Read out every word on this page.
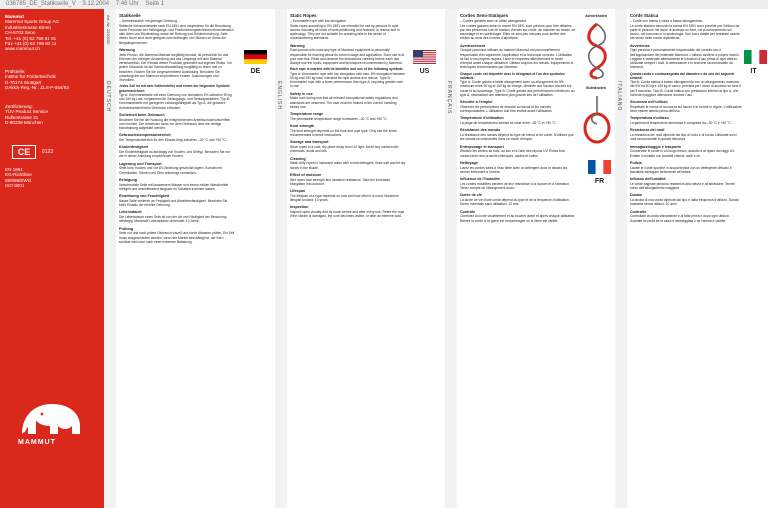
036785_DE_Statikseile_V    3.12.2004    7:46 Uhr    Seite 1
Mammut
Mammut Sports Group AG
Industriestrasse Birren
CH-5703 Seon
Tel. +41 (0) 62 769 81 81
Fax +41 (0) 62 769 83 11
www.mammut.ch
Prüfstelle:
Institut für Förderttechnik
D-70174 Stuttgart
DAkkS-Reg.-Nr.: ZLS-P-054/93
Zertifizierung:
TÜV Product Service
Ridlerstrasse 31
D-80339 München
CE	0123
EN 1891
EG-Richtlinie
89/686/EWG
ISO 9001
MAMMUT
Art.-Nr. 2220000
DEUTSCH	ENGLISH	FRANÇAIS	ITALIANO
Statikseile

– Gemeinfasslich mit geringer Dehnung

Statische Kernmantelseile nach EN 1891 sind vorgesehen für die Benutzung durch Personen bei Seilzugangs- und Positionierungstechniken einschliesslich aller Arten von Rückhaltung sowie bei Rettung und Höhlenforschung. Seile dieser Norm sind nicht geeignet zum Auffangen von Stürzen im Sinne der Bergsteigernormen.

Warnung

Jede Person, die Mammut Material sorgfältig benutzt, ist persönlich für das Erlernen der richtigen Anwendung und des Umgangs mit dem Material verantwortlich. Der Einsatz dieser Produkte geschieht auf eigenes Risiko. Vor jedem Gebrauch ist die Gebrauchsanleitung sorgfältig zu lesen und zu beachten. Nutzen Sie die vorgeschriebene Ausbildung. Benutzen Sie unbedingt die von Mammut empfohlenen Knoten, Ausrüstungen und Techniken.

Jedes Seil ist mit dem Seilhersteller und einem der folgenden Symbole gekennzeichnet:

Typ A: Kernmantelseile mit einer Dehnung von höchstens 5% zwischen 50 kg und 150 kg Last, vorgesehen für Seilzugangs- und Rettungsarbeiten. Typ B: Kernmantelseile mit geringerer Leistungsfähigkeit als Typ A, die grössere Aufmerksamkeit beim Gebrauch erfordern.

Sicherheit beim Gebrauch

Beachten Sie bei der Nutzung die entsprechenden Arbeitsschutzvorschriften und Normen. Der Anwender muss vor dem Gebrauch über die richtige Handhabung aufgeklärt werden.

Gebrauchstemperaturbereich

Der Temperaturbereich für den Einsatz liegt zwischen –30 °C und +50 °C.

Knotenfestigkeit

Die Knotenfestigkeit ist abhängig von Knoten- und Seiltyp. Benutzen Sie nur die in dieser Anleitung empfohlenen Knoten.

Lagerung und Transport

Seile kühl, trocken und vor UV-Strahlung geschützt lagern. Kontakt mit Chemikalien, Säuren und Ölen unbedingt vermeiden.

Reinigung

Verschmutzte Seile mit lauwarmem Wasser und einem milden Waschmittel reinigen und anschliessend langsam im Schatten trocknen lassen.

Einwirkung von Feuchtigkeit

Nasse Seile verlieren an Festigkeit und Abriebbeständigkeit. Beachten Sie beim Einsatz die erhöhte Dehnung.

Lebensdauer

Die Lebensdauer eines Seils ist von der Art und Häufigkeit der Benutzung abhängig. Maximale Lebensdauer unbenutzt: 10 Jahre.

Prüfung

Seile vor und nach jedem Gebrauch visuell und durch Abtasten prüfen. Ein Seil muss ausgeschieden werden, wenn der Mantel beschädigt ist, der Kern sichtbar wird oder nach einer extremen Belastung.

DE
Static Ropes

– Kernmantel rope with low elongation

Static ropes according to EN 1891 are intended for use by persons in rope access including all kinds of work positioning and restraint, in rescue and in speleology. They are not suitable for arresting falls in the sense of mountaineering standards.

Warning

Each person who uses any type of Mammut equipment is personally responsible for learning about its correct usage and application. Such use is at your own risk. Read and observe the instructions carefully before each use. Always use the knots, equipment and techniques recommended by Mammut.

Each rope is marked with its Identifier and one of the following symbols:

Type A: Kernmantel rope with low elongation with max. 5% elongation between 50 kg and 150 kg load, intended for rope access and rescue. Type B: Kernmantel rope with a lower performance than type A, requiring greater care in use.

Safety in use

Make sure during use that all relevant occupational safety regulations and standards are observed. The user must be trained in the correct handling before use.

Temperature range

The permissible temperature range is between –30 °C and +50 °C.

Knot strength

The knot strength depends on the knot and rope type. Only use the knots recommended in these instructions.

Storage and transport

Store ropes in a cool, dry place away from UV light. Avoid any contact with chemicals, acids and oils.

Cleaning

Wash dirty ropes in lukewarm water with a mild detergent, rinse well and let dry slowly in the shade.

Effect of moisture

Wet ropes lose strength and abrasion resistance. Take the increased elongation into account.

Lifespan

The lifespan of a rope depends on how and how often it is used. Maximum lifespan unused: 10 years.

Inspection

Inspect ropes visually and by touch before and after every use. Retire the rope if the sheath is damaged, the core becomes visible, or after an extreme load.

US
Cordes Semi-Statiques

– Cordes gainées avec un faible allongement

Les cordes gainées selon la norme EN 1891 sont prévues pour être utilisées par des personnes lors de travaux d'accès sur corde, de maintien au travail, de sauvetage et en spéléologie. Elles ne sont pas conçues pour arrêter des chutes au sens des normes d'alpinisme.

Avertissement

Chaque personne utilisant du matériel Mammut est personnellement responsable d'en apprendre l'application et la technique correcte. L'utilisation se fait à vos propres risques. Lisez et respectez attentivement le mode d'emploi avant chaque utilisation. Utilisez toujours les nœuds, équipements et techniques recommandés par Mammut.

Chaque corde est étiquetée avec le désignant et l'un des symboles suivants:

Type A: Corde gainée à faible allongement avec un allongement de 5% maximum entre 50 kg et 150 kg de charge, destinée aux travaux d'accès sur corde et au sauvetage. Type B: Corde gainée aux performances inférieures au type A, nécessitant une attention plus grande lors de l'utilisation.

Sécurité à l'emploi

Observez les prescriptions de sécurité au travail et les normes correspondantes. L'utilisateur doit être instruit avant l'utilisation.

Température d'utilisation

La plage de températures admise se situe entre –30 °C et +50 °C.

Résistance des nœuds

La résistance des nœuds dépend du type de nœud et de corde. N'utilisez que les nœuds recommandés dans ce mode d'emploi.

Entreposage et transport

Stockez les cordes au frais, au sec et à l'abri des rayons UV. Évitez tout contact avec des produits chimiques, acides et huiles.

Nettoyage

Lavez les cordes sales à l'eau tiède avec un détergent doux et laissez-les sécher lentement à l'ombre.

Influence de l'humidité

Les cordes mouillées perdent de leur résistance à la rupture et à l'abrasion. Tenez compte de l'allongement accru.

Durée de vie

La durée de vie d'une corde dépend du type et de la fréquence d'utilisation. Durée maximale sans utilisation: 10 ans.

Contrôle

Contrôlez la corde visuellement et au toucher avant et après chaque utilisation. Retirez la corde si la gaine est endommagée ou si l'âme est visible.

Achterknoten
Bulinknoten
FR
Corde Statica

– Corde con anima e calza a basso allungamento

Le corde statiche secondo la norma EN 1891 sono previste per l'utilizzo da parte di persone nei lavori di accesso su fune, nel posizionamento sul lavoro, nel soccorso e in speleologia. Non sono adatte per arrestare cadute nel senso delle norme alpinistiche.

Avvertenza

Ogni persona è personalmente responsabile del corretto uso e dell'applicazione del materiale Mammut. L'utilizzo avviene a proprio rischio. Leggete e osservate attentamente le istruzioni d'uso prima di ogni utilizzo. Utilizzate sempre i nodi, le attrezzature e le tecniche raccomandate da Mammut.

Questa corda è contrassegnata dal diametro e da uno dei seguenti simboli:

Tipo A: Corda statica a basso allungamento con un allungamento massimo del 5% tra 50 kg e 150 kg di carico, prevista per i lavori di accesso su fune e per il soccorso. Tipo B: Corda statica con prestazioni inferiori al tipo A, che richiede maggiore attenzione durante l'uso.

Sicurezza nell'utilizzo

Rispettate le norme di sicurezza sul lavoro e le norme in vigore. L'utilizzatore deve essere istruito prima dell'uso.

Temperatura d'utilizzo

La gamma di temperature ammessa è compresa tra –30 °C e +50 °C.

Resistenza dei nodi

La resistenza dei nodi dipende dal tipo di nodo e di corda. Utilizzate solo i nodi raccomandati in queste istruzioni.

Immagazzinaggio e trasporto

Conservate le corde in un luogo fresco, asciutto e al riparo dai raggi UV. Evitate il contatto con prodotti chimici, acidi e oli.

Pulizia

Lavate le corde sporche in acqua tiepida con un detergente delicato e lasciatele asciugare lentamente all'ombra.

Influsso dell'umidità

Le corde bagnate perdono resistenza alla rottura e all'abrasione. Tenete conto dell'allungamento maggiore.

Durata

La durata di una corda dipende dal tipo e dalla frequenza d'utilizzo. Durata massima senza utilizzo: 10 anni.

Controllo

Controllate la corda visivamente e al tatto prima e dopo ogni utilizzo. Scartate la corda se la calza è danneggiata o se l'anima è visibile.

IT
